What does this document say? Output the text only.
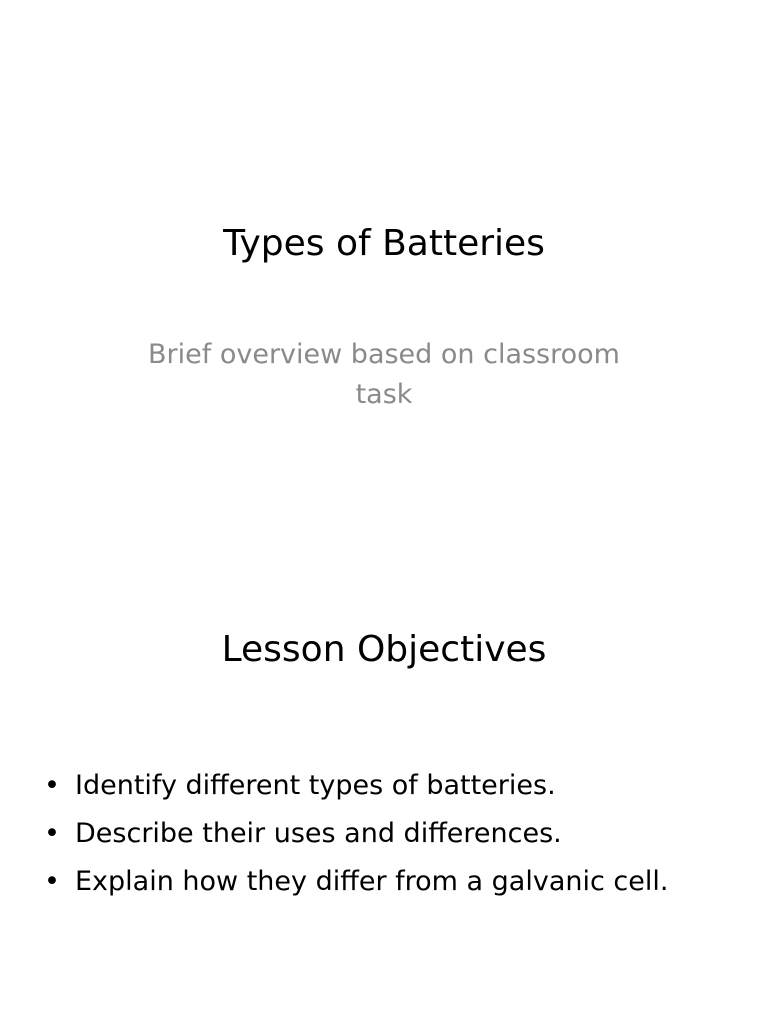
Types of Batteries

Brief overview based on classroom task

Lesson Objectives
• Identify different types of batteries.
• Describe their uses and differences.
• Explain how they differ from a galvanic cell.
